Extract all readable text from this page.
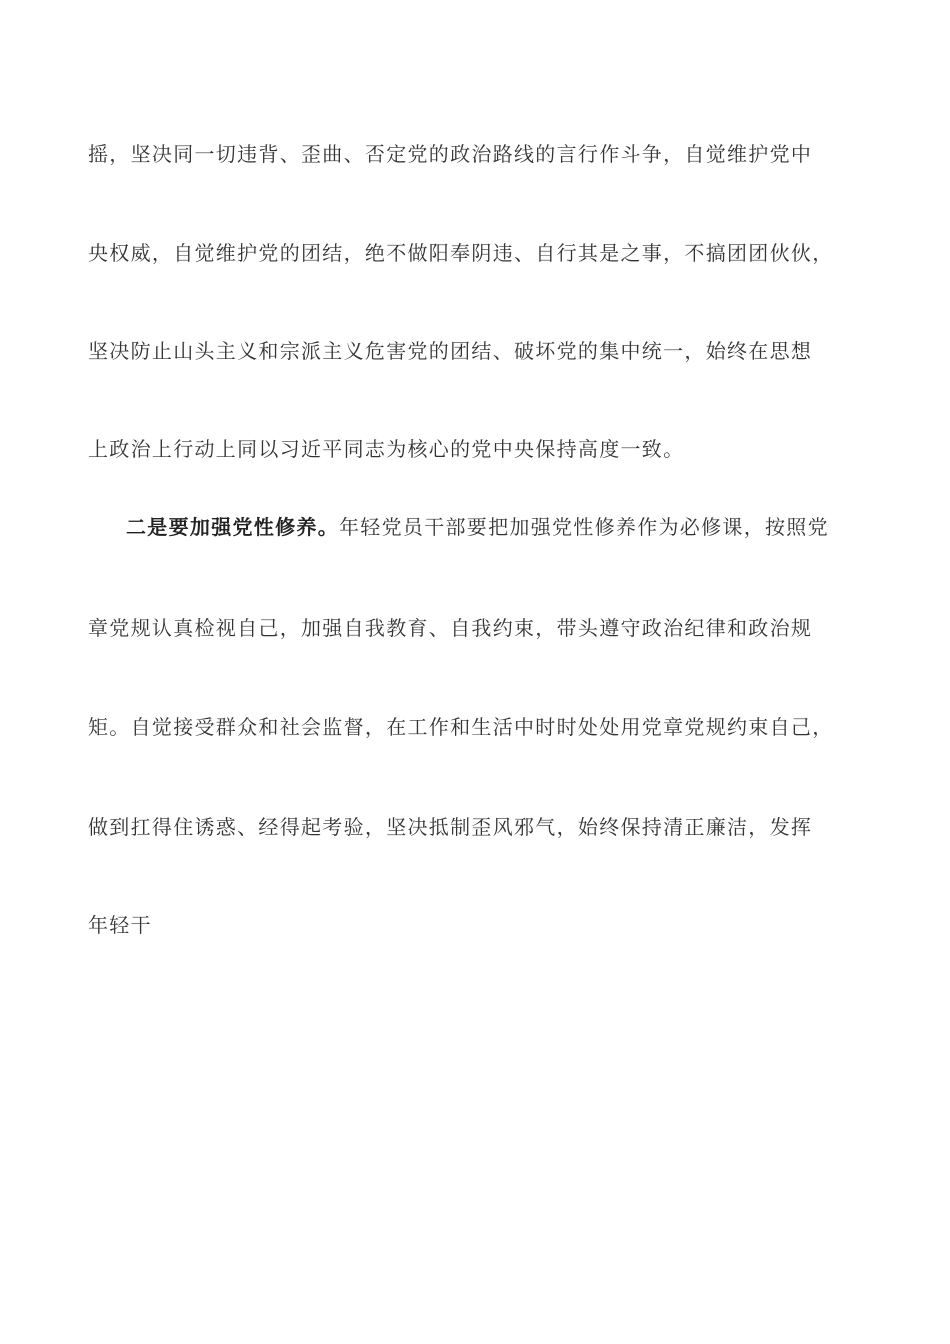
摇，坚决同一切违背、歪曲、否定党的政治路线的言行作斗争，自觉维护党中
央权威，自觉维护党的团结，绝不做阳奉阴违、自行其是之事，不搞团团伙伙，
坚决防止山头主义和宗派主义危害党的团结、破坏党的集中统一，始终在思想
上政治上行动上同以习近平同志为核心的党中央保持高度一致。
二是要加强党性修养。年轻党员干部要把加强党性修养作为必修课，按照党
章党规认真检视自己，加强自我教育、自我约束，带头遵守政治纪律和政治规
矩。自觉接受群众和社会监督，在工作和生活中时时处处用党章党规约束自己，
做到扛得住诱惑、经得起考验，坚决抵制歪风邪气，始终保持清正廉洁，发挥
年轻干
